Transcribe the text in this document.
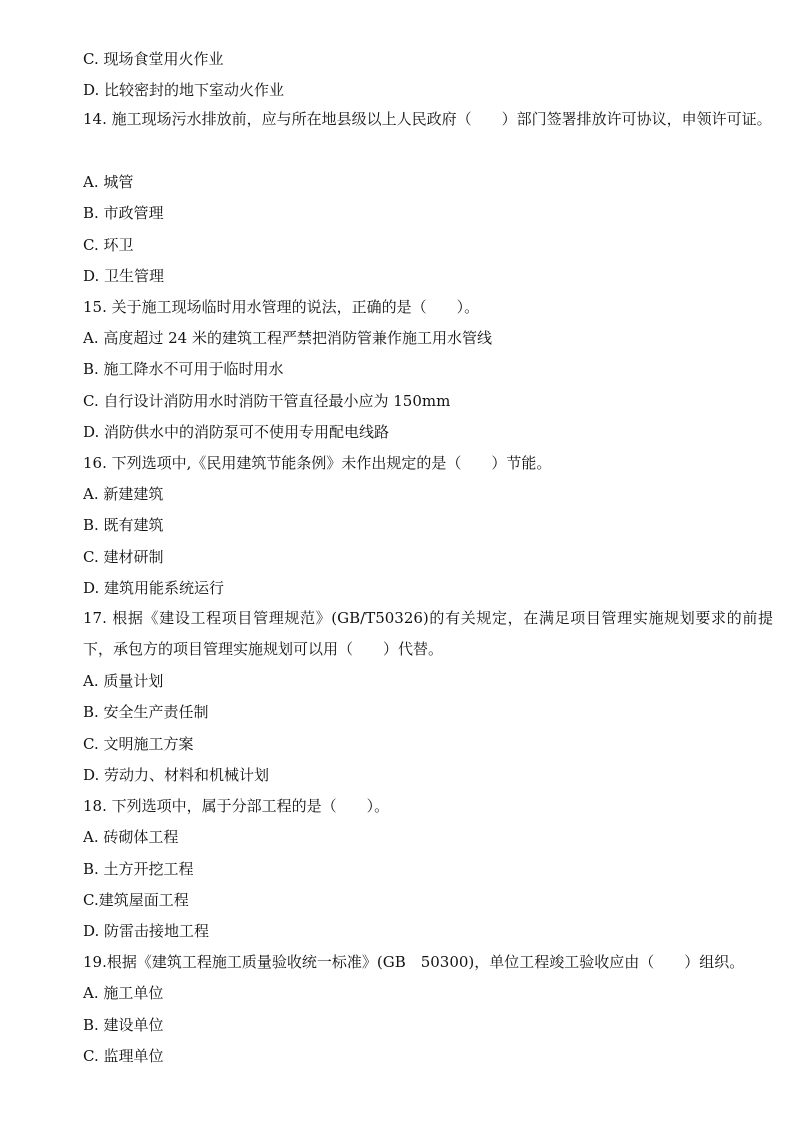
C. 现场食堂用火作业
D. 比较密封的地下室动火作业
14. 施工现场污水排放前，应与所在地县级以上人民政府（　　）部门签署排放许可协议，申领许可证。
A. 城管
B. 市政管理
C. 环卫
D. 卫生管理
15. 关于施工现场临时用水管理的说法，正确的是（　　）。
A. 高度超过 24 米的建筑工程严禁把消防管兼作施工用水管线
B. 施工降水不可用于临时用水
C. 自行设计消防用水时消防干管直径最小应为 150mm
D. 消防供水中的消防泵可不使用专用配电线路
16. 下列选项中,《民用建筑节能条例》未作出规定的是（　　）节能。
A. 新建建筑
B. 既有建筑
C. 建材研制
D. 建筑用能系统运行
17. 根据《建设工程项目管理规范》(GB/T50326)的有关规定，在满足项目管理实施规划要求的前提下，承包方的项目管理实施规划可以用（　　）代替。
A. 质量计划
B. 安全生产责任制
C. 文明施工方案
D. 劳动力、材料和机械计划
18. 下列选项中，属于分部工程的是（　　）。
A. 砖砌体工程
B. 土方开挖工程
C.建筑屋面工程
D. 防雷击接地工程
19.根据《建筑工程施工质量验收统一标准》(GB　50300)，单位工程竣工验收应由（　　）组织。
A. 施工单位
B. 建设单位
C. 监理单位
